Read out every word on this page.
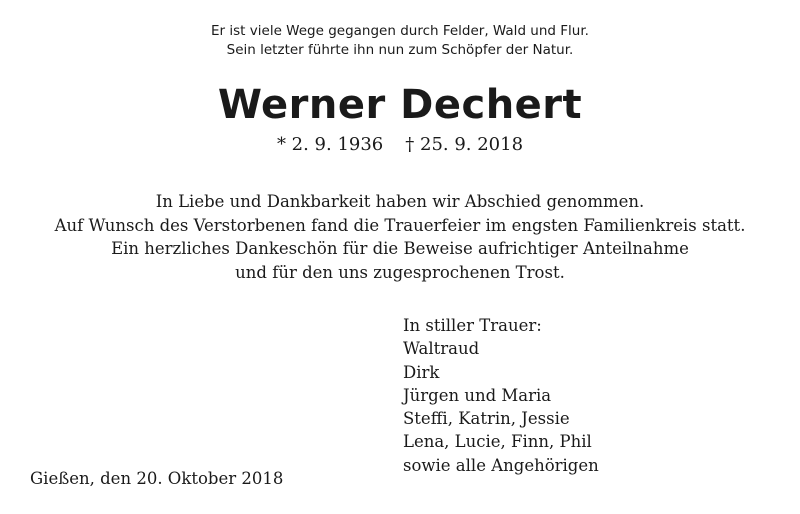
Er ist viele Wege gegangen durch Felder, Wald und Flur.
Sein letzter führte ihn nun zum Schöpfer der Natur.
Werner Dechert
* 2. 9. 1936 † 25. 9. 2018
In Liebe und Dankbarkeit haben wir Abschied genommen.
Auf Wunsch des Verstorbenen fand die Trauerfeier im engsten Familienkreis statt.
Ein herzliches Dankeschön für die Beweise aufrichtiger Anteilnahme
und für den uns zugesprochenen Trost.
In stiller Trauer:
Waltraud
Dirk
Jürgen und Maria
Steffi, Katrin, Jessie
Lena, Lucie, Finn, Phil
sowie alle Angehörigen
Gießen, den 20. Oktober 2018
